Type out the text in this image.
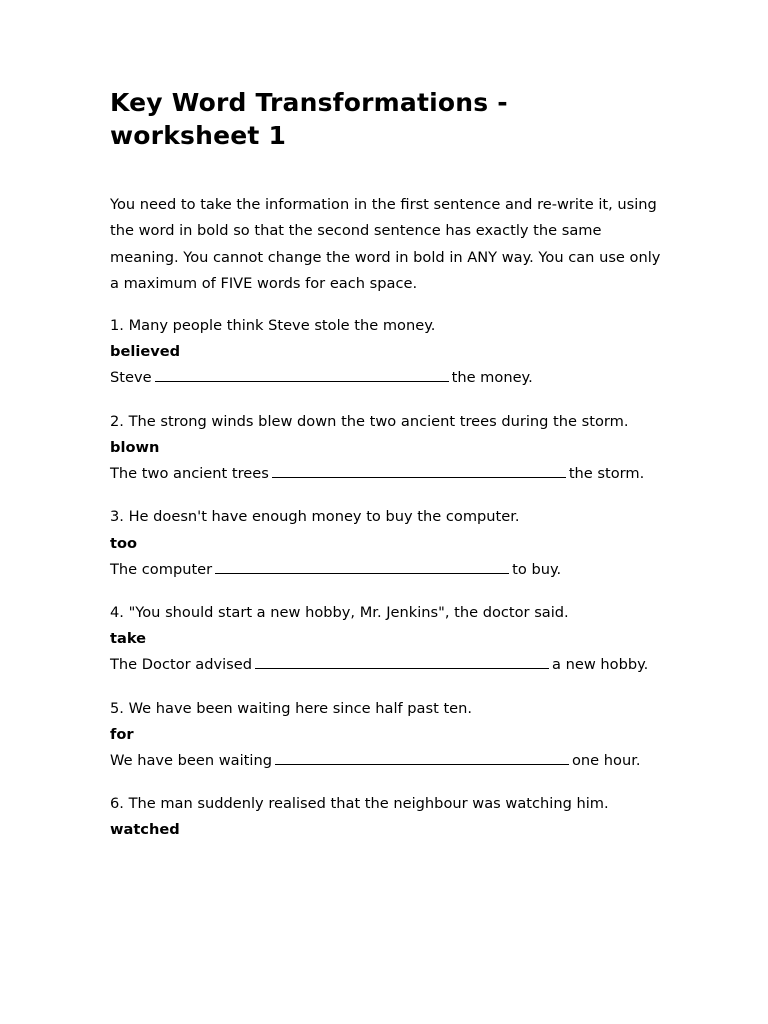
Key Word Transformations -
worksheet 1

You need to take the information in the first sentence and re-write it, using the word in bold so that the second sentence has exactly the same meaning. You cannot change the word in bold in ANY way. You can use only a maximum of FIVE words for each space.

1. Many people think Steve stole the money.

believed

Steve	the money.

2. The strong winds blew down the two ancient trees during the storm.

blown

The two ancient trees	the storm.

3. He doesn't have enough money to buy the computer.

too

The computer	to buy.

4. "You should start a new hobby, Mr. Jenkins", the doctor said.

take

The Doctor advised	a new hobby.

5. We have been waiting here since half past ten.

for

We have been waiting	one hour.

6. The man suddenly realised that the neighbour was watching him.

watched
